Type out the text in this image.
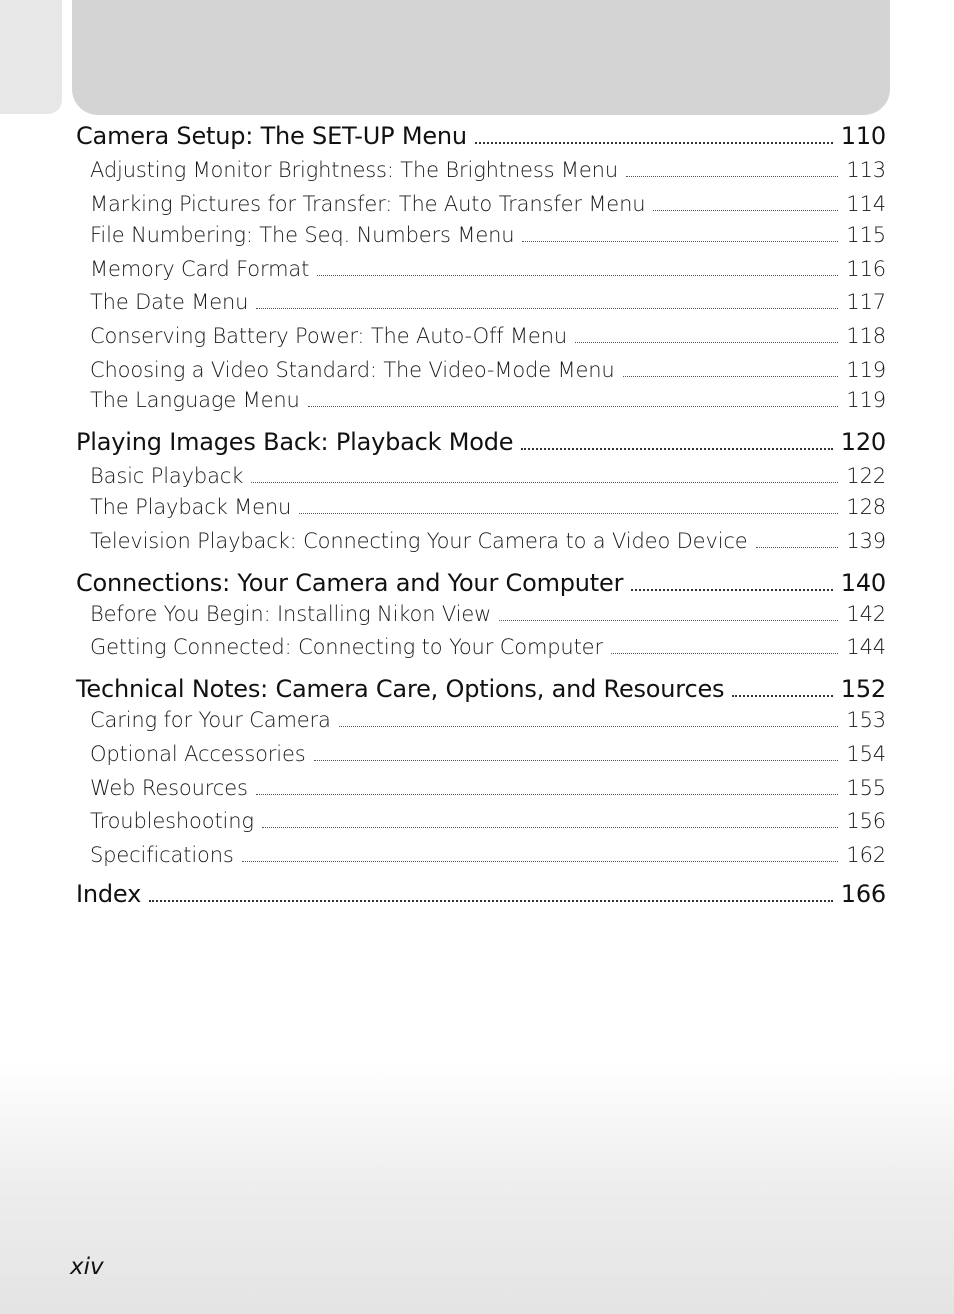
Camera Setup: The SET-UP Menu	110
Adjusting Monitor Brightness: The Brightness Menu	113
Marking Pictures for Transfer: The Auto Transfer Menu	114
File Numbering: The Seq. Numbers Menu	115
Memory Card Format	116
The Date Menu	117
Conserving Battery Power: The Auto-Off Menu	118
Choosing a Video Standard: The Video-Mode Menu	119
The Language Menu	119
Playing Images Back: Playback Mode	120
Basic Playback	122
The Playback Menu	128
Television Playback: Connecting Your Camera to a Video Device	139
Connections: Your Camera and Your Computer	140
Before You Begin: Installing Nikon View	142
Getting Connected: Connecting to Your Computer	144
Technical Notes: Camera Care, Options, and Resources	152
Caring for Your Camera	153
Optional Accessories	154
Web Resources	155
Troubleshooting	156
Specifications	162
Index	166
xiv
